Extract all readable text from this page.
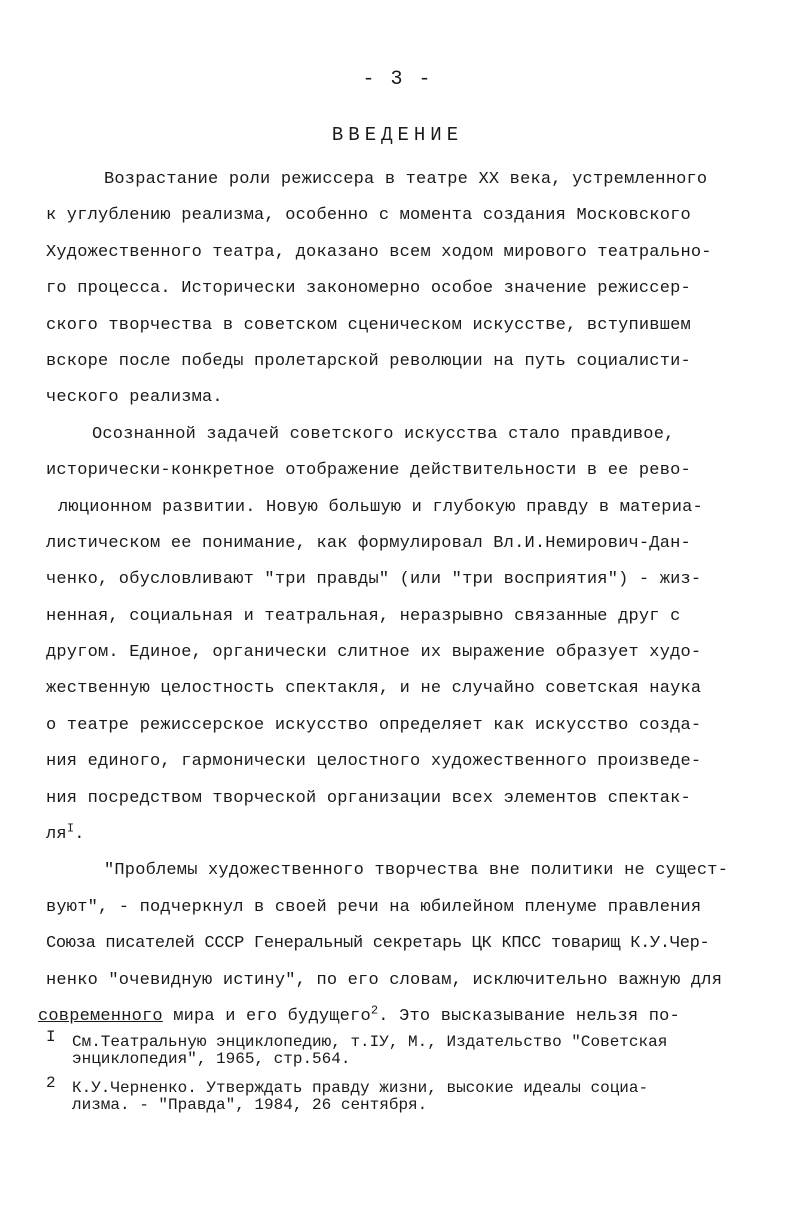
- 3 -
ВВЕДЕНИЕ
Возрастание роли режиссера в театре XX века, устремленного
к углублению реализма, особенно с момента создания Московского
Художественного театра, доказано всем ходом мирового театрально-
го процесса. Исторически закономерно особое значение режиссер-
ского творчества в советском сценическом искусстве, вступившем
вскоре после победы пролетарской революции на путь социалисти-
ческого реализма.
Осознанной задачей советского искусства стало правдивое,
исторически-конкретное отображение действительности в ее рево-
люционном развитии. Новую большую и глубокую правду в материа-
листическом ее понимание, как формулировал Вл.И.Немирович-Дан-
ченко, обусловливают "три правды" (или "три восприятия") - жиз-
ненная, социальная и театральная, неразрывно связанные друг с
другом. Единое, органически слитное их выражение образует худо-
жественную целостность спектакля, и не случайно советская наука
о театре режиссерское искусство определяет как искусство созда-
ния единого, гармонически целостного художественного произведе-
ния посредством творческой организации всех элементов спектак-
$ля^I$.
"Проблемы художественного творчества вне политики не сущест-
вуют", - подчеркнул в своей речи на юбилейном пленуме правления
Союза писателей СССР Генеральный секретарь ЦК КПСС товарищ К.У.Чер-
ненко "очевидную истину", по его словам, исключительно важную для
современного мира и его будущего$^2$. Это высказывание нельзя по-
I См.Театральную энциклопедию, т.IУ, М., Издательство "Советская
энциклопедия", 1965, стр.564.
2 К.У.Черненко. Утверждать правду жизни, высокие идеалы социа-
лизма. - "Правда", 1984, 26 сентября.
